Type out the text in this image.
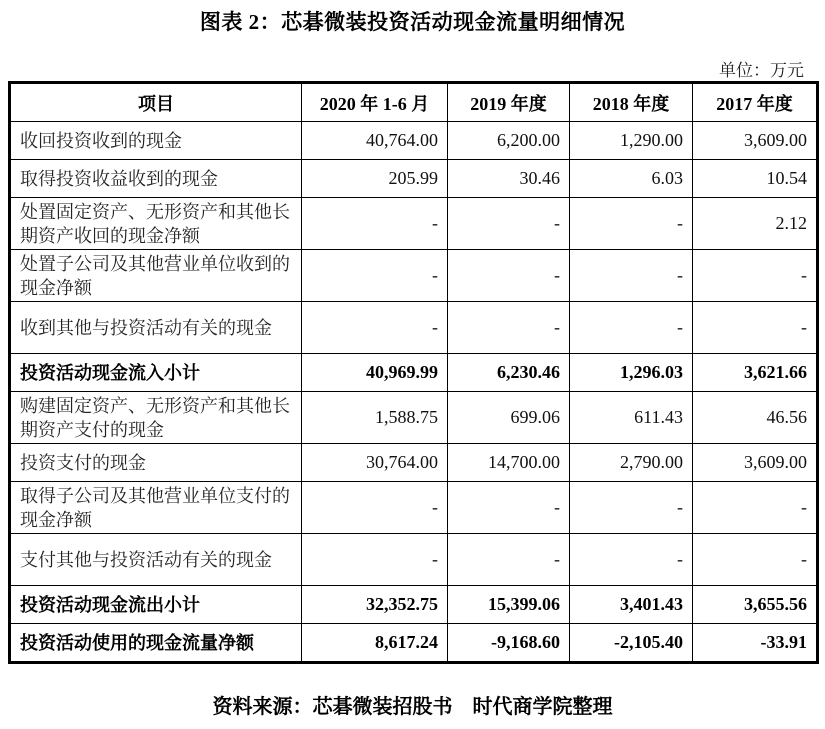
图表 2：芯碁微装投资活动现金流量明细情况
单位：万元
项目	2020 年 1-6 月	2019 年度	2018 年度	2017 年度
收回投资收到的现金	40,764.00	6,200.00	1,290.00	3,609.00
取得投资收益收到的现金	205.99	30.46	6.03	10.54
处置固定资产、无形资产和其他长期资产收回的现金净额	-	-	-	2.12
处置子公司及其他营业单位收到的现金净额	-	-	-	-
收到其他与投资活动有关的现金	-	-	-	-
投资活动现金流入小计	40,969.99	6,230.46	1,296.03	3,621.66
购建固定资产、无形资产和其他长期资产支付的现金	1,588.75	699.06	611.43	46.56
投资支付的现金	30,764.00	14,700.00	2,790.00	3,609.00
取得子公司及其他营业单位支付的现金净额	-	-	-	-
支付其他与投资活动有关的现金	-	-	-	-
投资活动现金流出小计	32,352.75	15,399.06	3,401.43	3,655.56
投资活动使用的现金流量净额	8,617.24	-9,168.60	-2,105.40	-33.91
资料来源：芯碁微装招股书　时代商学院整理
